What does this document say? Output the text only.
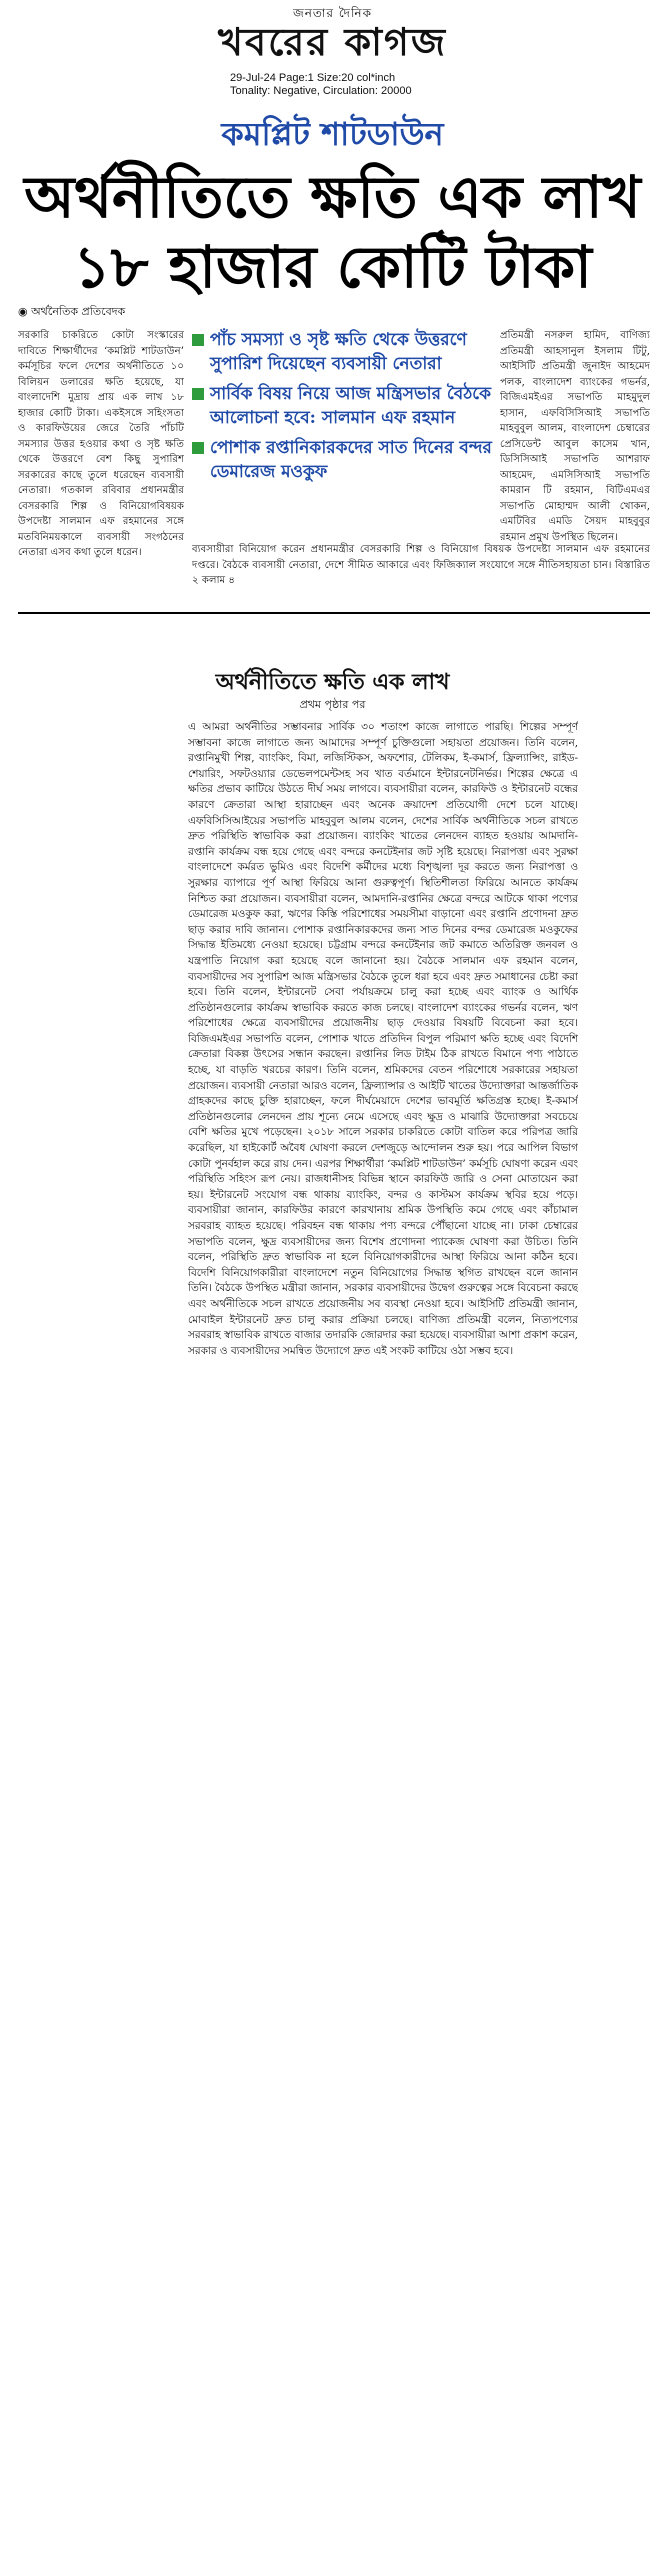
জনতার দৈনিক
খবরের কাগজ
29-Jul-24 Page:1 Size:20 col*inch
Tonality: Negative, Circulation: 20000
কমপ্লিট শাটডাউন
অর্থনীতিতে ক্ষতি এক লাখ
১৮ হাজার কোটি টাকা
◉ অর্থনৈতিক প্রতিবেদক
সরকারি চাকরিতে কোটা সংস্কারের দাবিতে শিক্ষার্থীদের ‘কমপ্লিট শাটডাউন’ কর্মসূচির ফলে দেশের অর্থনীতিতে ১০ বিলিয়ন ডলারের ক্ষতি হয়েছে, যা বাংলাদেশি মুদ্রায় প্রায় এক লাখ ১৮ হাজার কোটি টাকা। একইসঙ্গে সহিংসতা ও কারফিউয়ের জেরে তৈরি পাঁচটি সমস্যার উত্তর হওয়ার কথা ও সৃষ্ট ক্ষতি থেকে উত্তরণে বেশ কিছু সুপারিশ সরকারের কাছে তুলে ধরেছেন ব্যবসায়ী নেতারা। গতকাল রবিবার প্রধানমন্ত্রীর বেসরকারি শিল্প ও বিনিয়োগবিষয়ক উপদেষ্টা সালমান এফ রহমানের সঙ্গে মতবিনিময়কালে ব্যবসায়ী সংগঠনের নেতারা এসব কথা তুলে ধরেন।
পাঁচ সমস্যা ও সৃষ্ট ক্ষতি থেকে উত্তরণে সুপারিশ দিয়েছেন ব্যবসায়ী নেতারা
সার্বিক বিষয় নিয়ে আজ মন্ত্রিসভার বৈঠকে আলোচনা হবে: সালমান এফ রহমান
পোশাক রপ্তানিকারকদের সাত দিনের বন্দর ডেমারেজ মওকুফ
প্রতিমন্ত্রী নসরুল হামিদ, বাণিজ্য প্রতিমন্ত্রী আহসানুল ইসলাম টিটু, আইসিটি প্রতিমন্ত্রী জুনাইদ আহমেদ পলক, বাংলাদেশ ব্যাংকের গভর্নর, বিজিএমইএর সভাপতি মাহমুদুল হাসান, এফবিসিসিআই সভাপতি মাহবুবুল আলম, বাংলাদেশ চেম্বারের প্রেসিডেন্ট আবুল কাসেম খান, ডিসিসিআই সভাপতি আশরাফ আহমেদ, এমসিসিআই সভাপতি কামরান টি রহমান, বিটিএমএর সভাপতি মোহাম্মদ আলী খোকন, এমটিবির এমডি সৈয়দ মাহবুবুর রহমান প্রমুখ উপস্থিত ছিলেন।
ব্যবসায়ীরা বিনিয়োগ করেন প্রধানমন্ত্রীর বেসরকারি শিল্প ও বিনিয়োগ বিষয়ক উপদেষ্টা সালমান এফ রহমানের দপ্তরে। বৈঠকে ব্যবসায়ী নেতারা, দেশে সীমিত আকারে এবং ফিজিক্যাল সংযোগে সঙ্গে নীতিসহায়তা চান। বিস্তারিত ২ কলাম ৪
অর্থনীতিতে ক্ষতি এক লাখ
প্রথম পৃষ্ঠার পর
এ আমরা অর্থনীতির সম্ভাবনার সার্বিক ৩০ শতাংশ কাজে লাগাতে পারছি। শিল্পের সম্পূর্ণ সম্ভাবনা কাজে লাগাতে জন্য আমাদের সম্পূর্ণ চুক্তিগুলো সহায়তা প্রয়োজন। তিনি বলেন, রপ্তানিমুখী শিল্প, ব্যাংকিং, বিমা, লজিস্টিকস, অফশোর, টেলিকম, ই-কমার্স, ফ্রিল্যান্সিং, রাইড-শেয়ারিং, সফটওয়্যার ডেভেলপমেন্টসহ সব খাত বর্তমানে ইন্টারনেটনির্ভর। শিল্পের ক্ষেত্রে এ ক্ষতির প্রভাব কাটিয়ে উঠতে দীর্ঘ সময় লাগবে। ব্যবসায়ীরা বলেন, কারফিউ ও ইন্টারনেট বন্ধের কারণে ক্রেতারা আস্থা হারাচ্ছেন এবং অনেক ক্রয়াদেশ প্রতিযোগী দেশে চলে যাচ্ছে। এফবিসিসিআইয়ের সভাপতি মাহবুবুল আলম বলেন, দেশের সার্বিক অর্থনীতিকে সচল রাখতে দ্রুত পরিস্থিতি স্বাভাবিক করা প্রয়োজন। ব্যাংকিং খাতের লেনদেন ব্যাহত হওয়ায় আমদানি-রপ্তানি কার্যক্রম বন্ধ হয়ে গেছে এবং বন্দরে কনটেইনার জট সৃষ্টি হয়েছে। নিরাপত্তা এবং সুরক্ষা বাংলাদেশে কর্মরত ভুমিও এবং বিদেশি কর্মীদের মধ্যে বিশৃঙ্খলা দূর করতে জন্য নিরাপত্তা ও সুরক্ষার ব্যাপারে পূর্ণ আস্থা ফিরিয়ে আনা গুরুত্বপূর্ণ। স্থিতিশীলতা ফিরিয়ে আনতে কার্যক্রম নিশ্চিত করা প্রয়োজন। ব্যবসায়ীরা বলেন, আমদানি-রপ্তানির ক্ষেত্রে বন্দরে আটকে থাকা পণ্যের ডেমারেজ মওকুফ করা, ঋণের কিস্তি পরিশোধের সময়সীমা বাড়ানো এবং রপ্তানি প্রণোদনা দ্রুত ছাড় করার দাবি জানান। পোশাক রপ্তানিকারকদের জন্য সাত দিনের বন্দর ডেমারেজ মওকুফের সিদ্ধান্ত ইতিমধ্যে নেওয়া হয়েছে। চট্টগ্রাম বন্দরে কনটেইনার জট কমাতে অতিরিক্ত জনবল ও যন্ত্রপাতি নিয়োগ করা হয়েছে বলে জানানো হয়। বৈঠকে সালমান এফ রহমান বলেন, ব্যবসায়ীদের সব সুপারিশ আজ মন্ত্রিসভার বৈঠকে তুলে ধরা হবে এবং দ্রুত সমাধানের চেষ্টা করা হবে। তিনি বলেন, ইন্টারনেট সেবা পর্যায়ক্রমে চালু করা হচ্ছে এবং ব্যাংক ও আর্থিক প্রতিষ্ঠানগুলোর কার্যক্রম স্বাভাবিক করতে কাজ চলছে। বাংলাদেশ ব্যাংকের গভর্নর বলেন, ঋণ পরিশোধের ক্ষেত্রে ব্যবসায়ীদের প্রয়োজনীয় ছাড় দেওয়ার বিষয়টি বিবেচনা করা হবে। বিজিএমইএর সভাপতি বলেন, পোশাক খাতে প্রতিদিন বিপুল পরিমাণ ক্ষতি হচ্ছে এবং বিদেশি ক্রেতারা বিকল্প উৎসের সন্ধান করছেন। রপ্তানির লিড টাইম ঠিক রাখতে বিমানে পণ্য পাঠাতে হচ্ছে, যা বাড়তি খরচের কারণ। তিনি বলেন, শ্রমিকদের বেতন পরিশোধে সরকারের সহায়তা প্রয়োজন। ব্যবসায়ী নেতারা আরও বলেন, ফ্রিল্যান্সার ও আইটি খাতের উদ্যোক্তারা আন্তর্জাতিক গ্রাহকদের কাছে চুক্তি হারাচ্ছেন, ফলে দীর্ঘমেয়াদে দেশের ভাবমূর্তি ক্ষতিগ্রস্ত হচ্ছে। ই-কমার্স প্রতিষ্ঠানগুলোর লেনদেন প্রায় শূন্যে নেমে এসেছে এবং ক্ষুদ্র ও মাঝারি উদ্যোক্তারা সবচেয়ে বেশি ক্ষতির মুখে পড়েছেন। ২০১৮ সালে সরকার চাকরিতে কোটা বাতিল করে পরিপত্র জারি করেছিল, যা হাইকোর্ট অবৈধ ঘোষণা করলে দেশজুড়ে আন্দোলন শুরু হয়। পরে আপিল বিভাগ কোটা পুনর্বহাল করে রায় দেন। এরপর শিক্ষার্থীরা ‘কমপ্লিট শাটডাউন’ কর্মসূচি ঘোষণা করেন এবং পরিস্থিতি সহিংস রূপ নেয়। রাজধানীসহ বিভিন্ন স্থানে কারফিউ জারি ও সেনা মোতায়েন করা হয়। ইন্টারনেট সংযোগ বন্ধ থাকায় ব্যাংকিং, বন্দর ও কাস্টমস কার্যক্রম স্থবির হয়ে পড়ে। ব্যবসায়ীরা জানান, কারফিউর কারণে কারখানায় শ্রমিক উপস্থিতি কমে গেছে এবং কাঁচামাল সরবরাহ ব্যাহত হয়েছে। পরিবহন বন্ধ থাকায় পণ্য বন্দরে পৌঁছানো যাচ্ছে না। ঢাকা চেম্বারের সভাপতি বলেন, ক্ষুদ্র ব্যবসায়ীদের জন্য বিশেষ প্রণোদনা প্যাকেজ ঘোষণা করা উচিত। তিনি বলেন, পরিস্থিতি দ্রুত স্বাভাবিক না হলে বিনিয়োগকারীদের আস্থা ফিরিয়ে আনা কঠিন হবে। বিদেশি বিনিয়োগকারীরা বাংলাদেশে নতুন বিনিয়োগের সিদ্ধান্ত স্থগিত রাখছেন বলে জানান তিনি। বৈঠকে উপস্থিত মন্ত্রীরা জানান, সরকার ব্যবসায়ীদের উদ্বেগ গুরুত্বের সঙ্গে বিবেচনা করছে এবং অর্থনীতিকে সচল রাখতে প্রয়োজনীয় সব ব্যবস্থা নেওয়া হবে। আইসিটি প্রতিমন্ত্রী জানান, মোবাইল ইন্টারনেট দ্রুত চালু করার প্রক্রিয়া চলছে। বাণিজ্য প্রতিমন্ত্রী বলেন, নিত্যপণ্যের সরবরাহ স্বাভাবিক রাখতে বাজার তদারকি জোরদার করা হয়েছে। ব্যবসায়ীরা আশা প্রকাশ করেন, সরকার ও ব্যবসায়ীদের সমন্বিত উদ্যোগে দ্রুত এই সংকট কাটিয়ে ওঠা সম্ভব হবে।
